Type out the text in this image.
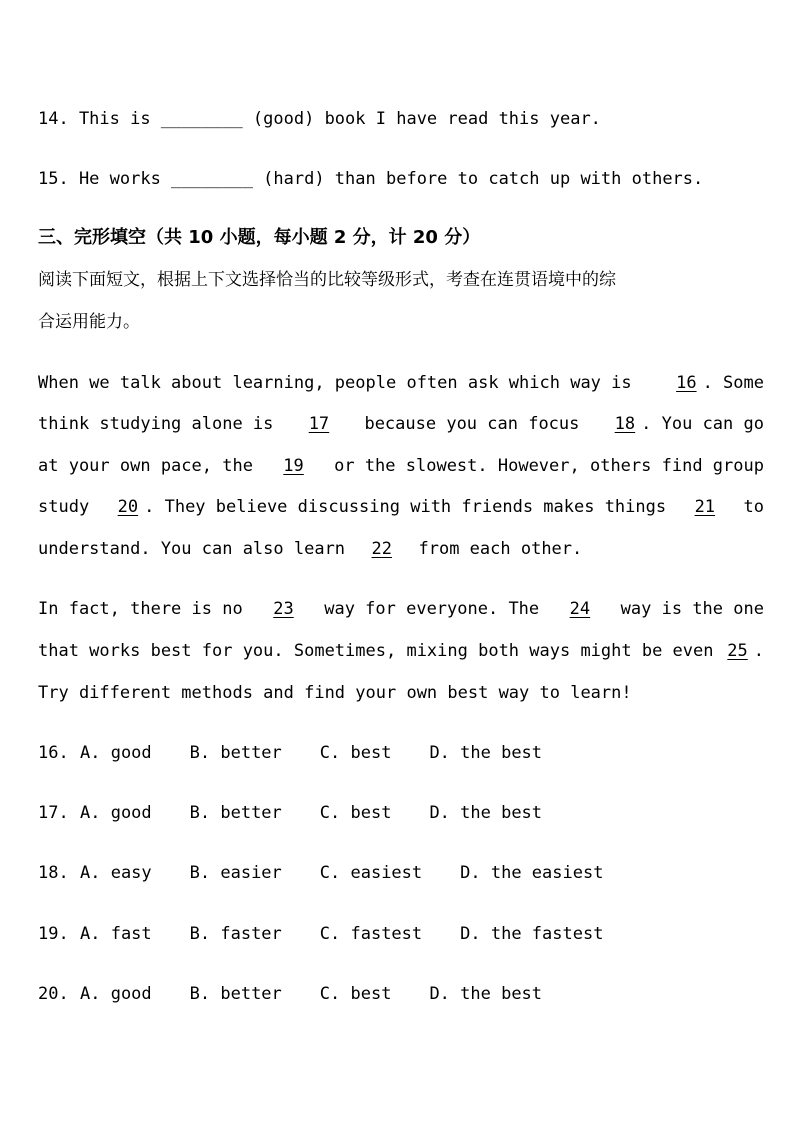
14. This is ________ (good) book I have read this year.
15. He works ________ (hard) than before to catch up with others.
三、完形填空（共 10 小题，每小题 2 分，计 20 分）
阅读下面短文，根据上下文选择恰当的比较等级形式，考查在连贯语境中的综
合运用能力。
When we talk about learning, people often ask which way is	16 . Some
think studying alone is	17	because you can focus	18 . You can go
at your own pace, the	19	or the slowest. However, others find group
study	20 . They believe discussing with friends makes things	21	to
understand. You can also learn 22 from each other.
In fact, there is no	23	way for everyone. The	24	way is the one
that works best for you. Sometimes, mixing both ways might be even 25 .
Try different methods and find your own best way to learn!
16. A. good B. better C. best D. the best
17. A. good B. better C. best D. the best
18. A. easy B. easier C. easiest D. the easiest
19. A. fast B. faster C. fastest D. the fastest
20. A. good B. better C. best D. the best
